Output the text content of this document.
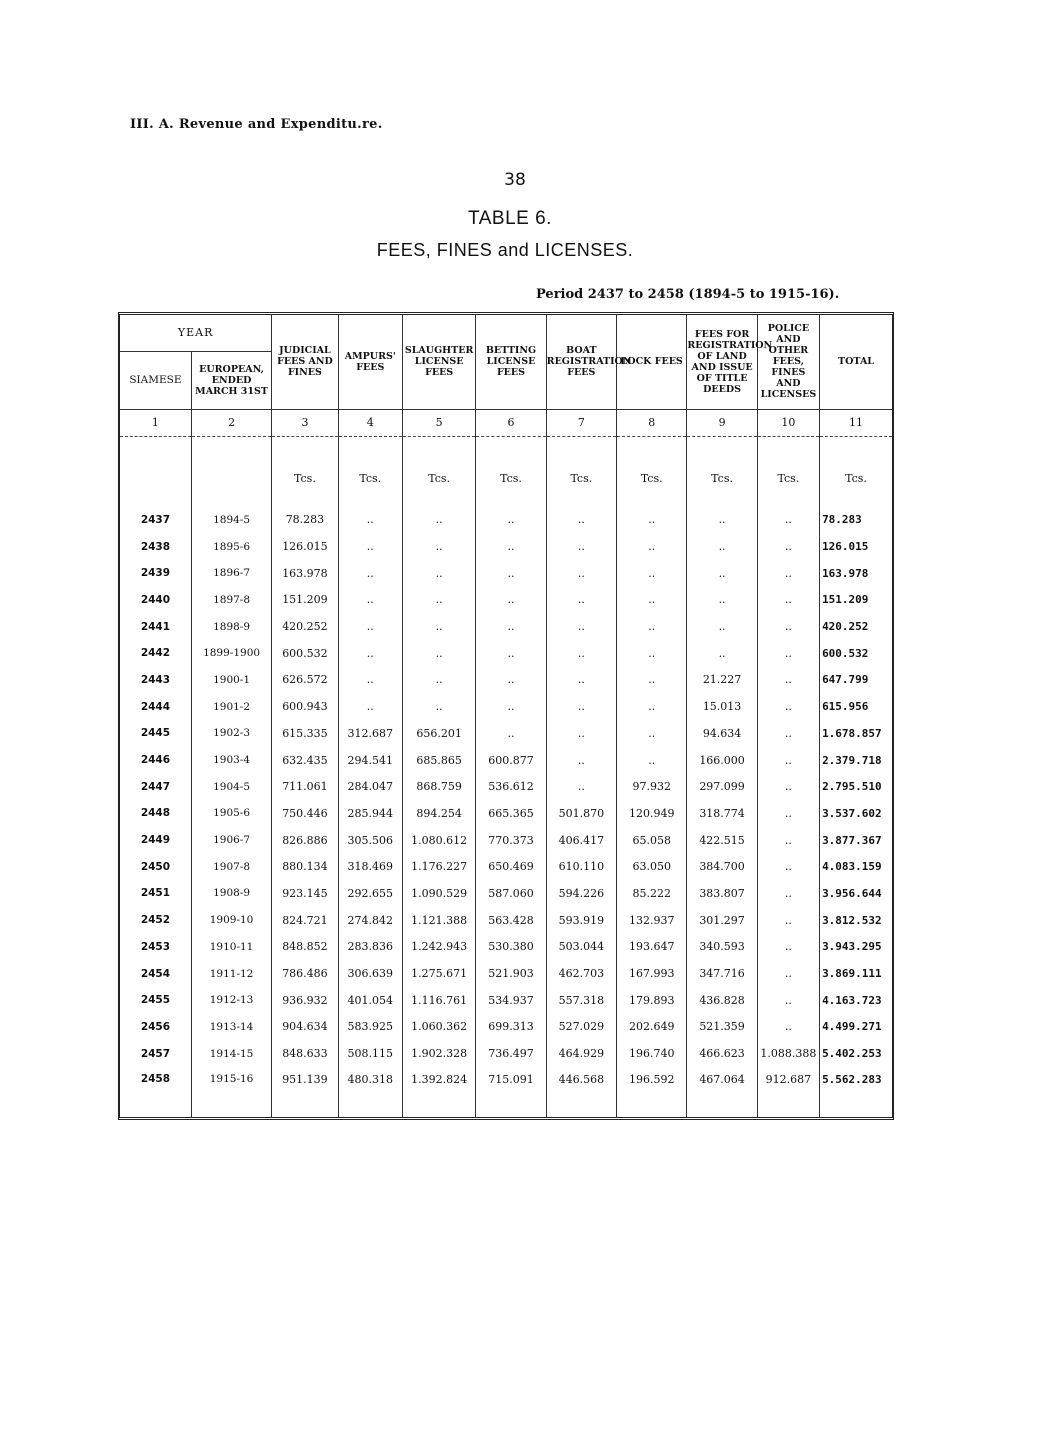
III. A. Revenue and Expenditu.re.
38
TABLE 6.
FEES, FINES and LICENSES.
Period 2437 to 2458 (1894-5 to 1915-16).
YEAR		JUDICIAL FEES AND FINES	AMPURS' FEES	SLAUGHTER LICENSE FEES	BETTING LICENSE FEES	BOAT REGISTRATION FEES	LOCK FEES	FEES FOR REGISTRATION OF LAND AND ISSUE OF TITLE DEEDS	POLICE AND OTHER FEES, FINES AND LICENSES	TOTAL
SIAMESE	EUROPEAN, ENDED MARCH 31ST									
1	2	3	4	5	6	7	8	9	10	11
		Tcs.	Tcs.	Tcs.	Tcs.	Tcs.	Tcs.	Tcs.	Tcs.	Tcs.
2437	1894-5	78.283	..	..	..	..	..	..	..	78.283
2438	1895-6	126.015	..	..	..	..	..	..	..	126.015
2439	1896-7	163.978	..	..	..	..	..	..	..	163.978
2440	1897-8	151.209	..	..	..	..	..	..	..	151.209
2441	1898-9	420.252	..	..	..	..	..	..	..	420.252
2442	1899-1900	600.532	..	..	..	..	..	..	..	600.532
2443	1900-1	626.572	..	..	..	..	..	21.227	..	647.799
2444	1901-2	600.943	..	..	..	..	..	15.013	..	615.956
2445	1902-3	615.335	312.687	656.201	..	..	..	94.634	..	1.678.857
2446	1903-4	632.435	294.541	685.865	600.877	..	..	166.000	..	2.379.718
2447	1904-5	711.061	284.047	868.759	536.612	..	97.932	297.099	..	2.795.510
2448	1905-6	750.446	285.944	894.254	665.365	501.870	120.949	318.774	..	3.537.602
2449	1906-7	826.886	305.506	1.080.612	770.373	406.417	65.058	422.515	..	3.877.367
2450	1907-8	880.134	318.469	1.176.227	650.469	610.110	63.050	384.700	..	4.083.159
2451	1908-9	923.145	292.655	1.090.529	587.060	594.226	85.222	383.807	..	3.956.644
2452	1909-10	824.721	274.842	1.121.388	563.428	593.919	132.937	301.297	..	3.812.532
2453	1910-11	848.852	283.836	1.242.943	530.380	503.044	193.647	340.593	..	3.943.295
2454	1911-12	786.486	306.639	1.275.671	521.903	462.703	167.993	347.716	..	3.869.111
2455	1912-13	936.932	401.054	1.116.761	534.937	557.318	179.893	436.828	..	4.163.723
2456	1913-14	904.634	583.925	1.060.362	699.313	527.029	202.649	521.359	..	4.499.271
2457	1914-15	848.633	508.115	1.902.328	736.497	464.929	196.740	466.623	1.088.388	5.402.253
2458	1915-16	951.139	480.318	1.392.824	715.091	446.568	196.592	467.064	912.687	5.562.283
